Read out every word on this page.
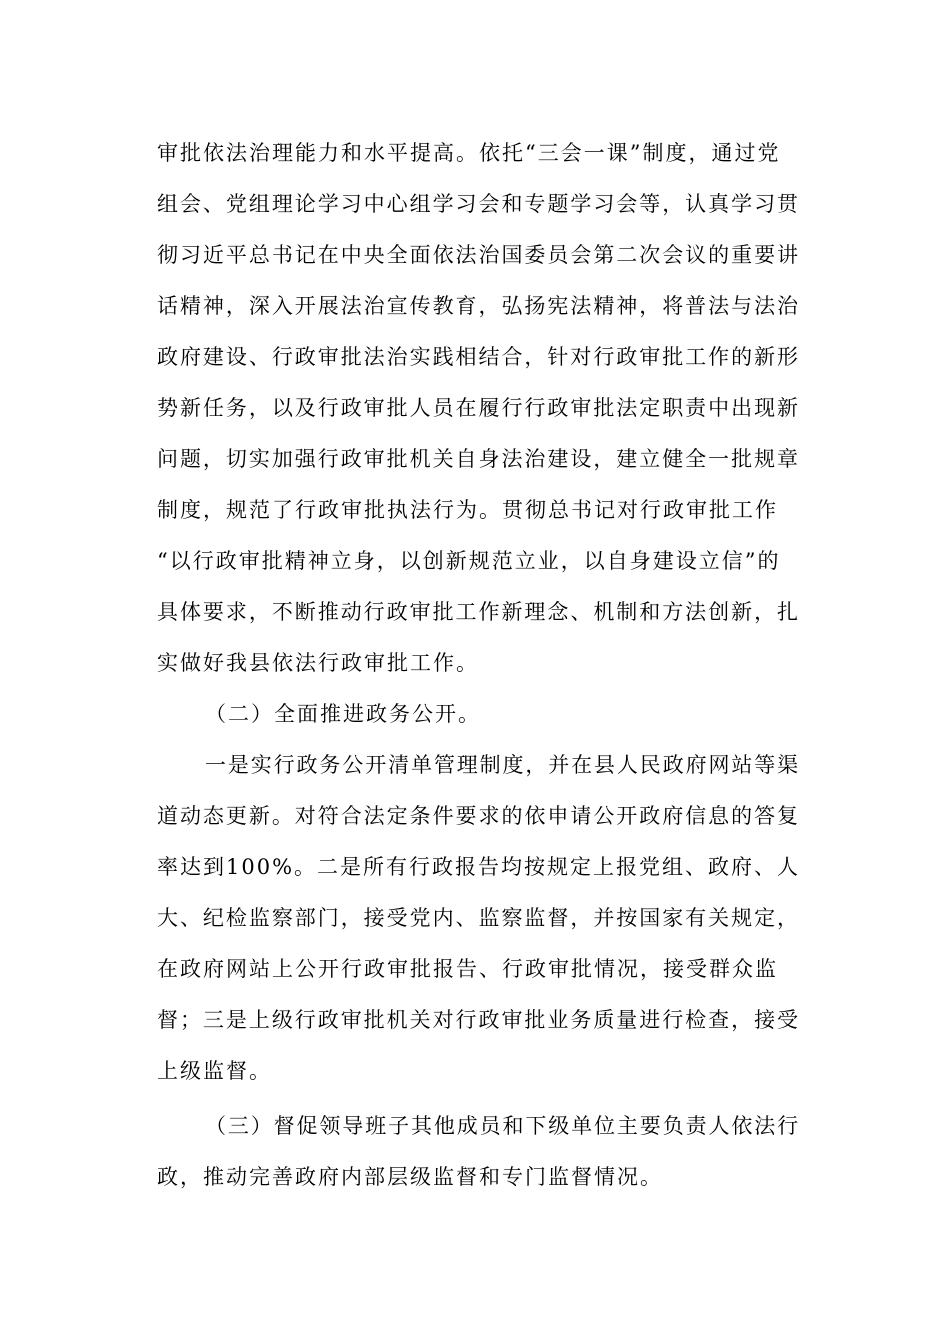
审批依法治理能力和水平提高。依托“三会一课”制度，通过党
组会、党组理论学习中心组学习会和专题学习会等，认真学习贯
彻习近平总书记在中央全面依法治国委员会第二次会议的重要讲
话精神，深入开展法治宣传教育，弘扬宪法精神，将普法与法治
政府建设、行政审批法治实践相结合，针对行政审批工作的新形
势新任务，以及行政审批人员在履行行政审批法定职责中出现新
问题，切实加强行政审批机关自身法治建设，建立健全一批规章
制度，规范了行政审批执法行为。贯彻总书记对行政审批工作
“以行政审批精神立身，以创新规范立业，以自身建设立信”的
具体要求，不断推动行政审批工作新理念、机制和方法创新，扎
实做好我县依法行政审批工作。
（二）全面推进政务公开。
一是实行政务公开清单管理制度，并在县人民政府网站等渠
道动态更新。对符合法定条件要求的依申请公开政府信息的答复
率达到100%。二是所有行政报告均按规定上报党组、政府、人
大、纪检监察部门，接受党内、监察监督，并按国家有关规定，
在政府网站上公开行政审批报告、行政审批情况，接受群众监
督；三是上级行政审批机关对行政审批业务质量进行检查，接受
上级监督。
（三）督促领导班子其他成员和下级单位主要负责人依法行
政，推动完善政府内部层级监督和专门监督情况。
